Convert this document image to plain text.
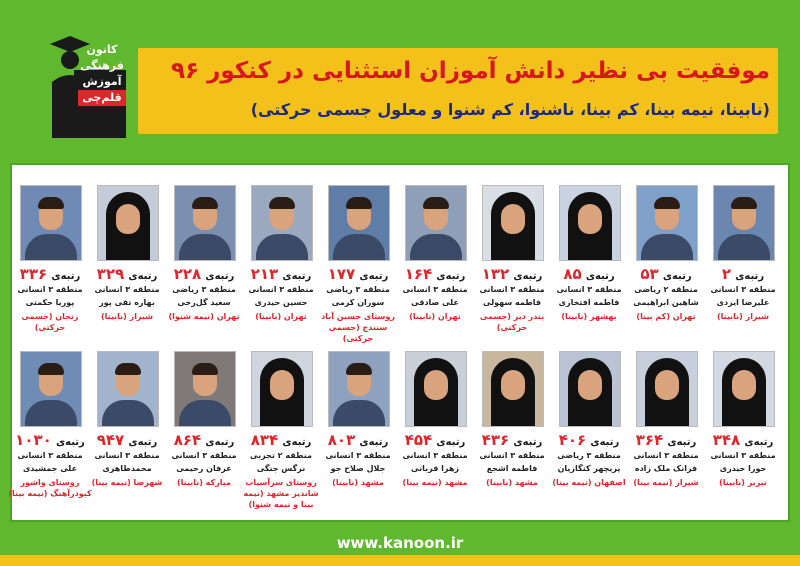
کانون
فرهنگی
آموزش
قلم‌چی
موفقیت بی نظیر دانش آموزان استثنایی در کنکور ۹۶
(نابینا، نیمه بینا، کم بینا، ناشنوا، کم شنوا و معلول جسمی حرکتی)
رتبه‌ی ۲
منطقه ۳ انسانی
علیرضا ایزدی
شیراز (نابینا)
رتبه‌ی ۵۳
منطقه ۲ ریاضی
شاهین ابراهیمی
تهران (کم بینا)
رتبه‌ی ۸۵
منطقه ۳ انسانی
فاطمه افتخاری
بهشهر (نابینا)
رتبه‌ی ۱۳۲
منطقه ۳ انسانی
فاطمه سهولی
بندر دیر (جسمی حرکتی)
رتبه‌ی ۱۶۴
منطقه ۳ انسانی
علی صادقی
تهران (نابینا)
رتبه‌ی ۱۷۷
منطقه ۳ ریاضی
سوران کرمی
روستای حسین آباد سنندج (جسمی حرکتی)
رتبه‌ی ۲۱۳
منطقه ۳ انسانی
حسین حیدری
تهران (نابینا)
رتبه‌ی ۲۲۸
منطقه ۳ ریاضی
سعید گل‌رخی
تهران (نیمه شنوا)
رتبه‌ی ۳۲۹
منطقه ۳ انسانی
بهاره تقی پور
شیراز (نابینا)
رتبه‌ی ۳۳۶
منطقه ۳ انسانی
پوریا حکمتی
زنجان (جسمی حرکتی)
رتبه‌ی ۳۴۸
منطقه ۳ انسانی
حورا حیدری
تبریز (نابینا)
رتبه‌ی ۳۶۴
منطقه ۳ انسانی
فرانک ملک زاده
شیراز (نیمه بینا)
رتبه‌ی ۴۰۶
منطقه ۳ ریاضی
پریچهر کنگازیان
اصفهان (نیمه بینا)
رتبه‌ی ۴۳۶
منطقه ۳ انسانی
فاطمه اشجع
مشهد (نابینا)
رتبه‌ی ۴۵۴
منطقه ۳ انسانی
زهرا قربانی
مشهد (نیمه بینا)
رتبه‌ی ۸۰۳
منطقه ۳ انسانی
جلال صلاح جو
مشهد (نابینا)
رتبه‌ی ۸۳۴
منطقه ۲ تجربی
نرگس جنگی
روستای سرآسیاب شاندیز مشهد (نیمه بینا و نیمه شنوا)
رتبه‌ی ۸۶۴
منطقه ۳ انسانی
عرفان رحیمی
مبارکه (نابینا)
رتبه‌ی ۹۴۷
منطقه ۳ انسانی
محمدطاهری
شهرضا (نیمه بینا)
رتبه‌ی ۱۰۳۰
منطقه ۳ انسانی
علی جمشیدی
روستای واشور کبودرآهنگ (نیمه بینا)
www.kanoon.ir
